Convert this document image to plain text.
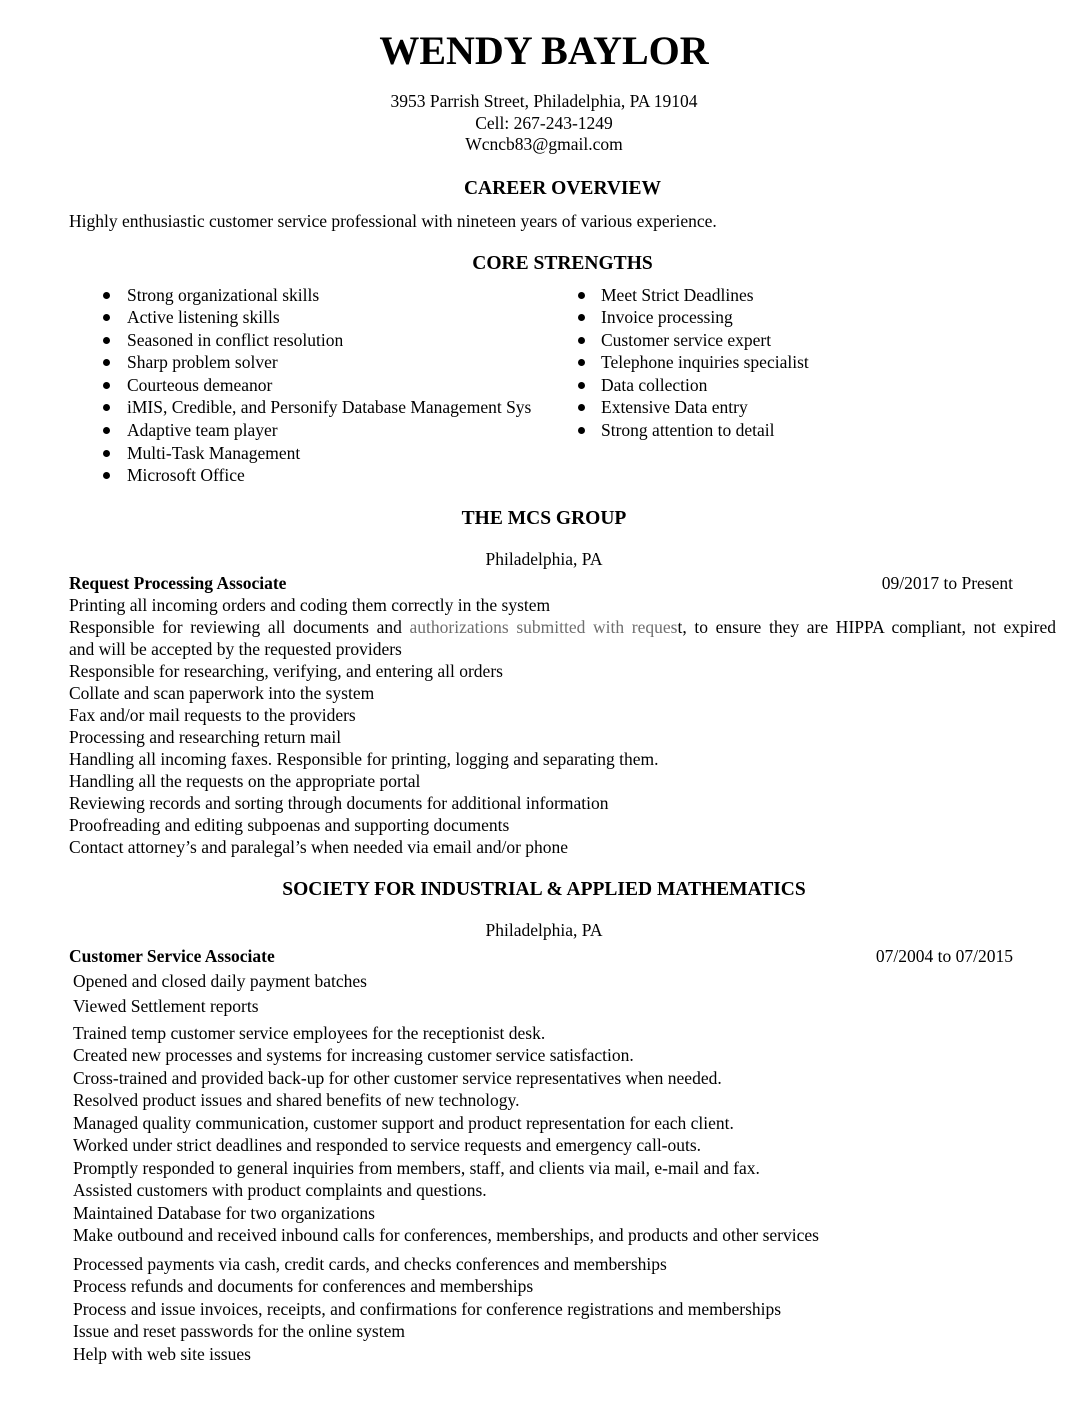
WENDY BAYLOR
3953 Parrish Street, Philadelphia, PA 19104
Cell: 267-243-1249
Wcncb83@gmail.com
CAREER OVERVIEW

Highly enthusiastic customer service professional with nineteen years of various experience.

CORE STRENGTHS
Strong organizational skills
Active listening skills
Seasoned in conflict resolution
Sharp problem solver
Courteous demeanor
iMIS, Credible, and Personify Database Management Sys
Adaptive team player
Multi-Task Management
Microsoft Office
Meet Strict Deadlines
Invoice processing
Customer service expert
Telephone inquiries specialist
Data collection
Extensive Data entry
Strong attention to detail
THE MCS GROUP
Philadelphia, PA
Request Processing Associate	09/2017 to Present
Printing all incoming orders and coding them correctly in the system
Responsible for reviewing all documents and authorizations submitted with request, to ensure they are HIPPA compliant, not expired
and will be accepted by the requested providers
Responsible for researching, verifying, and entering all orders
Collate and scan paperwork into the system
Fax and/or mail requests to the providers
Processing and researching return mail
Handling all incoming faxes. Responsible for printing, logging and separating them.
Handling all the requests on the appropriate portal
Reviewing records and sorting through documents for additional information
Proofreading and editing subpoenas and supporting documents
Contact attorney’s and paralegal’s when needed via email and/or phone
SOCIETY FOR INDUSTRIAL & APPLIED MATHEMATICS
Philadelphia, PA
Customer Service Associate	07/2004 to 07/2015
Opened and closed daily payment batches
Viewed Settlement reports
Trained temp customer service employees for the receptionist desk.
Created new processes and systems for increasing customer service satisfaction.
Cross-trained and provided back-up for other customer service representatives when needed.
Resolved product issues and shared benefits of new technology.
Managed quality communication, customer support and product representation for each client.
Worked under strict deadlines and responded to service requests and emergency call-outs.
Promptly responded to general inquiries from members, staff, and clients via mail, e-mail and fax.
Assisted customers with product complaints and questions.
Maintained Database for two organizations
Make outbound and received inbound calls for conferences, memberships, and products and other services
Processed payments via cash, credit cards, and checks conferences and memberships
Process refunds and documents for conferences and memberships
Process and issue invoices, receipts, and confirmations for conference registrations and memberships
Issue and reset passwords for the online system
Help with web site issues
